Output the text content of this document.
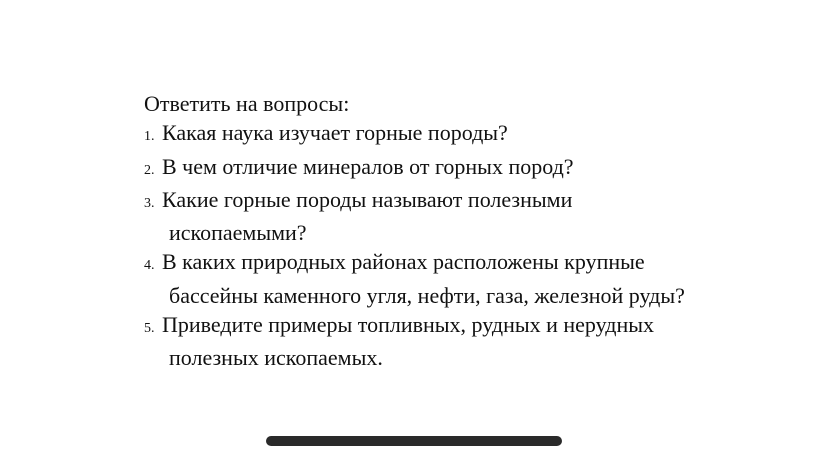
Ответить на вопросы:

1. Какая наука изучает горные породы?
2. В чем отличие минералов от горных пород?
3. Какие горные породы называют полезными
ископаемыми?
4. В каких природных районах расположены крупные
бассейны каменного угля, нефти, газа, железной руды?
5. Приведите примеры топливных, рудных и нерудных
полезных ископаемых.
